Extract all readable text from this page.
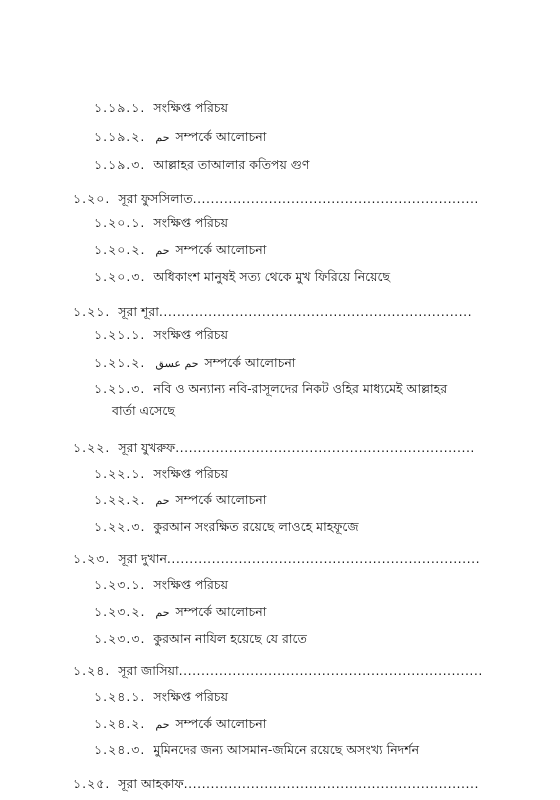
১.১৯.১. সংক্ষিপ্ত পরিচয়
১.১৯.২. حم সম্পর্কে আলোচনা
১.১৯.৩. আল্লাহর তাআলার কতিপয় গুণ
১.২০. সূরা ফুসসিলাত................................................................
১.২০.১. সংক্ষিপ্ত পরিচয়
১.২০.২. حم সম্পর্কে আলোচনা
১.২০.৩. অধিকাংশ মানুষই সত্য থেকে মুখ ফিরিয়ে নিয়েছে
১.২১. সূরা শূরা......................................................................
১.২১.১. সংক্ষিপ্ত পরিচয়
১.২১.২. حم عسق সম্পর্কে আলোচনা
১.২১.৩. নবি ও অন্যান্য নবি-রাসূলদের নিকট ওহির মাধ্যমেই আল্লাহর
বার্তা এসেছে
১.২২. সূরা যুখরুফ...................................................................
১.২২.১. সংক্ষিপ্ত পরিচয়
১.২২.২. حم সম্পর্কে আলোচনা
১.২২.৩. কুরআন সংরক্ষিত রয়েছে লাওহে মাহফূজে
১.২৩. সূরা দুখান......................................................................
১.২৩.১. সংক্ষিপ্ত পরিচয়
১.২৩.২. حم সম্পর্কে আলোচনা
১.২৩.৩. কুরআন নাযিল হয়েছে যে রাতে
১.২৪. সূরা জাসিয়া....................................................................
১.২৪.১. সংক্ষিপ্ত পরিচয়
১.২৪.২. حم সম্পর্কে আলোচনা
১.২৪.৩. মুমিনদের জন্য আসমান-জমিনে রয়েছে অসংখ্য নিদর্শন
১.২৫. সূরা আহকাফ..................................................................
